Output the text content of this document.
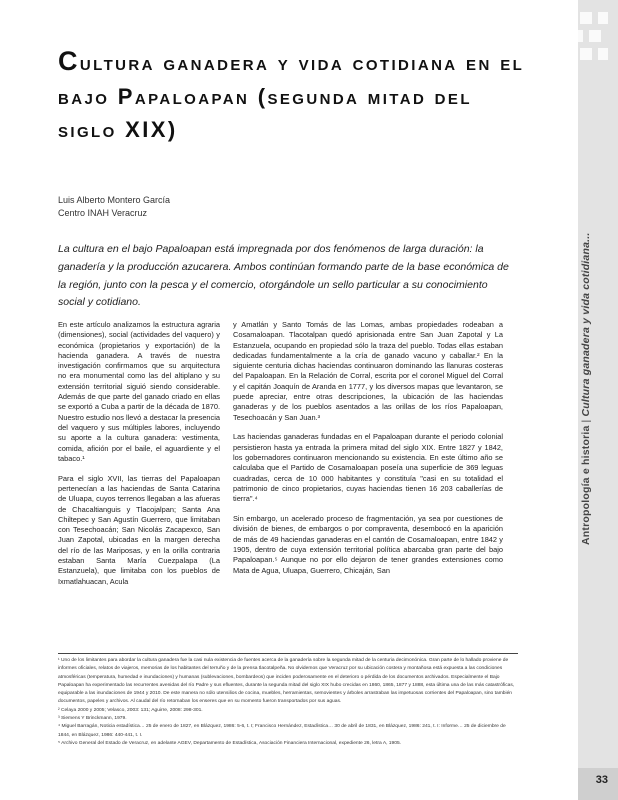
Antropología e historia|Cultura ganadera y vida cotidiana...
Cultura ganadera y vida cotidiana en el bajo Papaloapan (segunda mitad del siglo XIX)
Luis Alberto Montero García
Centro INAH Veracruz
La cultura en el bajo Papaloapan está impregnada por dos fenómenos de larga duración: la ganadería y la producción azucarera. Ambos continúan formando parte de la base económica de la región, junto con la pesca y el comercio, otorgándole un sello particular a su conocimiento social y cotidiano.

En este artículo analizamos la estructura agraria (dimensiones), social (actividades del vaquero) y económica (propietarios y exportación) de la hacienda ganadera. A través de nuestra investigación confirmamos que su arquitectura no era monumental como las del altiplano y su extensión territorial siguió siendo considerable. Además de que parte del ganado criado en ellas se exportó a Cuba a partir de la década de 1870. Nuestro estudio nos llevó a destacar la presencia del vaquero y sus múltiples labores, incluyendo su aporte a la cultura ganadera: vestimenta, comida, afición por el baile, el aguardiente y el tabaco.¹

Para el siglo XVII, las tierras del Papaloapan pertenecían a las haciendas de Santa Catarina de Uluapa, cuyos terrenos llegaban a las afueras de Chacaltianguis y Tlacojalpan; Santa Ana Chiltepec y San Agustín Guerrero, que limitaban con Tesechoacán; San Nicolás Zacapexco, San Juan Zapotal, ubicadas en la margen derecha del río de las Mariposas, y en la orilla contraria estaban Santa María Cuezpalapa (La Estanzuela), que limitaba con los pueblos de Ixmatlahuacan, Acula

y Amatlán y Santo Tomás de las Lomas, ambas propiedades rodeaban a Cosamaloapan. Tlacotalpan quedó aprisionada entre San Juan Zapotal y La Estanzuela, ocupando en propiedad sólo la traza del pueblo. Todas ellas estaban dedicadas fundamentalmente a la cría de ganado vacuno y caballar.² En la siguiente centuria dichas haciendas continuaron dominando las llanuras costeras del Papaloapan. En la Relación de Corral, escrita por el coronel Miguel del Corral y el capitán Joaquín de Aranda en 1777, y los diversos mapas que levantaron, se puede apreciar, entre otras descripciones, la ubicación de las haciendas ganaderas y de los pueblos asentados a las orillas de los ríos Papaloapan, Tesechoacán y San Juan.³

Las haciendas ganaderas fundadas en el Papaloapan durante el periodo colonial persistieron hasta ya entrada la primera mitad del siglo XIX. Entre 1827 y 1842, los gobernadores continuaron mencionando su existencia. En este último año se calculaba que el Partido de Cosamaloapan poseía una superficie de 369 leguas cuadradas, cerca de 10 000 habitantes y constituía "casi en su totalidad el patrimonio de cinco propietarios, cuyas haciendas tienen 16 203 caballerías de tierra".⁴

Sin embargo, un acelerado proceso de fragmentación, ya sea por cuestiones de división de bienes, de embargos o por compraventa, desembocó en la aparición de más de 49 haciendas ganaderas en el cantón de Cosamaloapan, entre 1842 y 1905, dentro de cuya extensión territorial política abarcaba gran parte del bajo Papaloapan.⁵ Aunque no por ello dejaron de tener grandes extensiones como Mata de Agua, Uluapa, Guerrero, Chicaján, San

¹ Uno de los limitantes para abordar la cultura ganadera fue la casi nula existencia de fuentes acerca de la ganadería sobre la segunda mitad de la centuria decimonónica. Gran parte de lo hallado proviene de informes oficiales, relatos de viajeros, memorias de los habitantes del terruño y de la prensa tlacotalpeña. No olvidemos que Veracruz por su ubicación costera y montañosa está expuesta a las condiciones atmosféricas (temperatura, humedad e inundaciones) y humanas (sublevaciones, bombardeos) que inciden poderosamente en el deterioro o pérdida de los documentos archivados. Especialmente el Bajo Papaloapan ha experimentado las recurrentes avenidas del río Padre y sus efluentes, durante la segunda mitad del siglo XIX hubo crecidas en 1860, 1865, 1877 y 1888, esta última una de las más catastróficas, equiparable a las inundaciones de 1944 y 2010. De este manera no sólo utensilios de cocina, muebles, herramientas, semovientes y árboles arrastraban las impetuosas corrientes del Papaloapan, sino también documentos, papeles y archivos. Al caudal del río retornaban los enseres que en su momento fueron transportados por sus aguas.

² Celaya 2000 y 2005; Velasco, 2003: 131; Aguirre, 2008: 298-301.

³ Siemens Y Brinckmann, 1979.

⁴ Miguel Barragán, Noticia estadística… 25 de enero de 1827, en Blázquez, 1986: 5-6, t. I; Francisco Hernández, Estadística… 30 de abril de 1831, en Blázquez, 1986: 241, t. I: Informe… 25 de diciembre de 1844, en Blázquez, 1986: 440-441, t. I.

⁵ Archivo General del Estado de Veracruz, en adelante AGEV, Departamento de Estadística, Asociación Financiera Internacional, expediente 26, letra A, 1905.

33
